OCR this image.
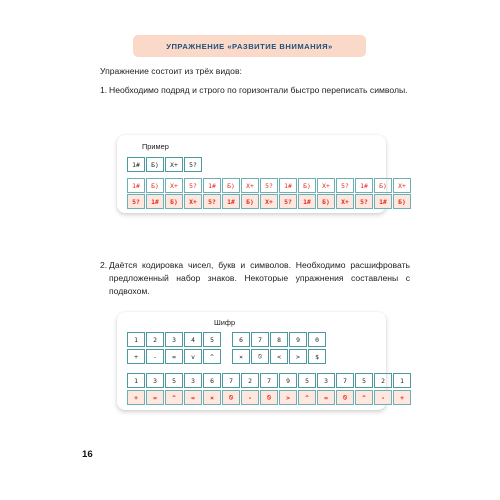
УПРАЖНЕНИЕ «РАЗВИТИЕ ВНИМАНИЯ»
Упражнение состоит из трёх видов:
1. Необходимо подряд и строго по горизонтали быстро переписать символы.
Пример
1#	Б)	Х+	5?
1#	Б)	Х+	5?	1#	Б)	Х+	5?	1#	Б)	Х+	5?	1#	Б)	Х+
5?	1#	Б)	Х+	5?	1#	Б)	Х+	5?	1#	Б)	Х+	5?	1#	Б)
2. Даётся кодировка чисел, букв и символов. Необходимо расшифровать предложенный набор знаков. Некоторые упражнения составлены с подвохом.
Шифр
1	2	3	4	5
+	-	=	v	^
6	7	8	9	0
×	⦸	<	>	$
1	3	5	3	6	7	2	7	9	5	3	7	5	2	1
+	=	^	=	×	⦸	-	⦸	>	^	=	⦸	^	-	+
16
